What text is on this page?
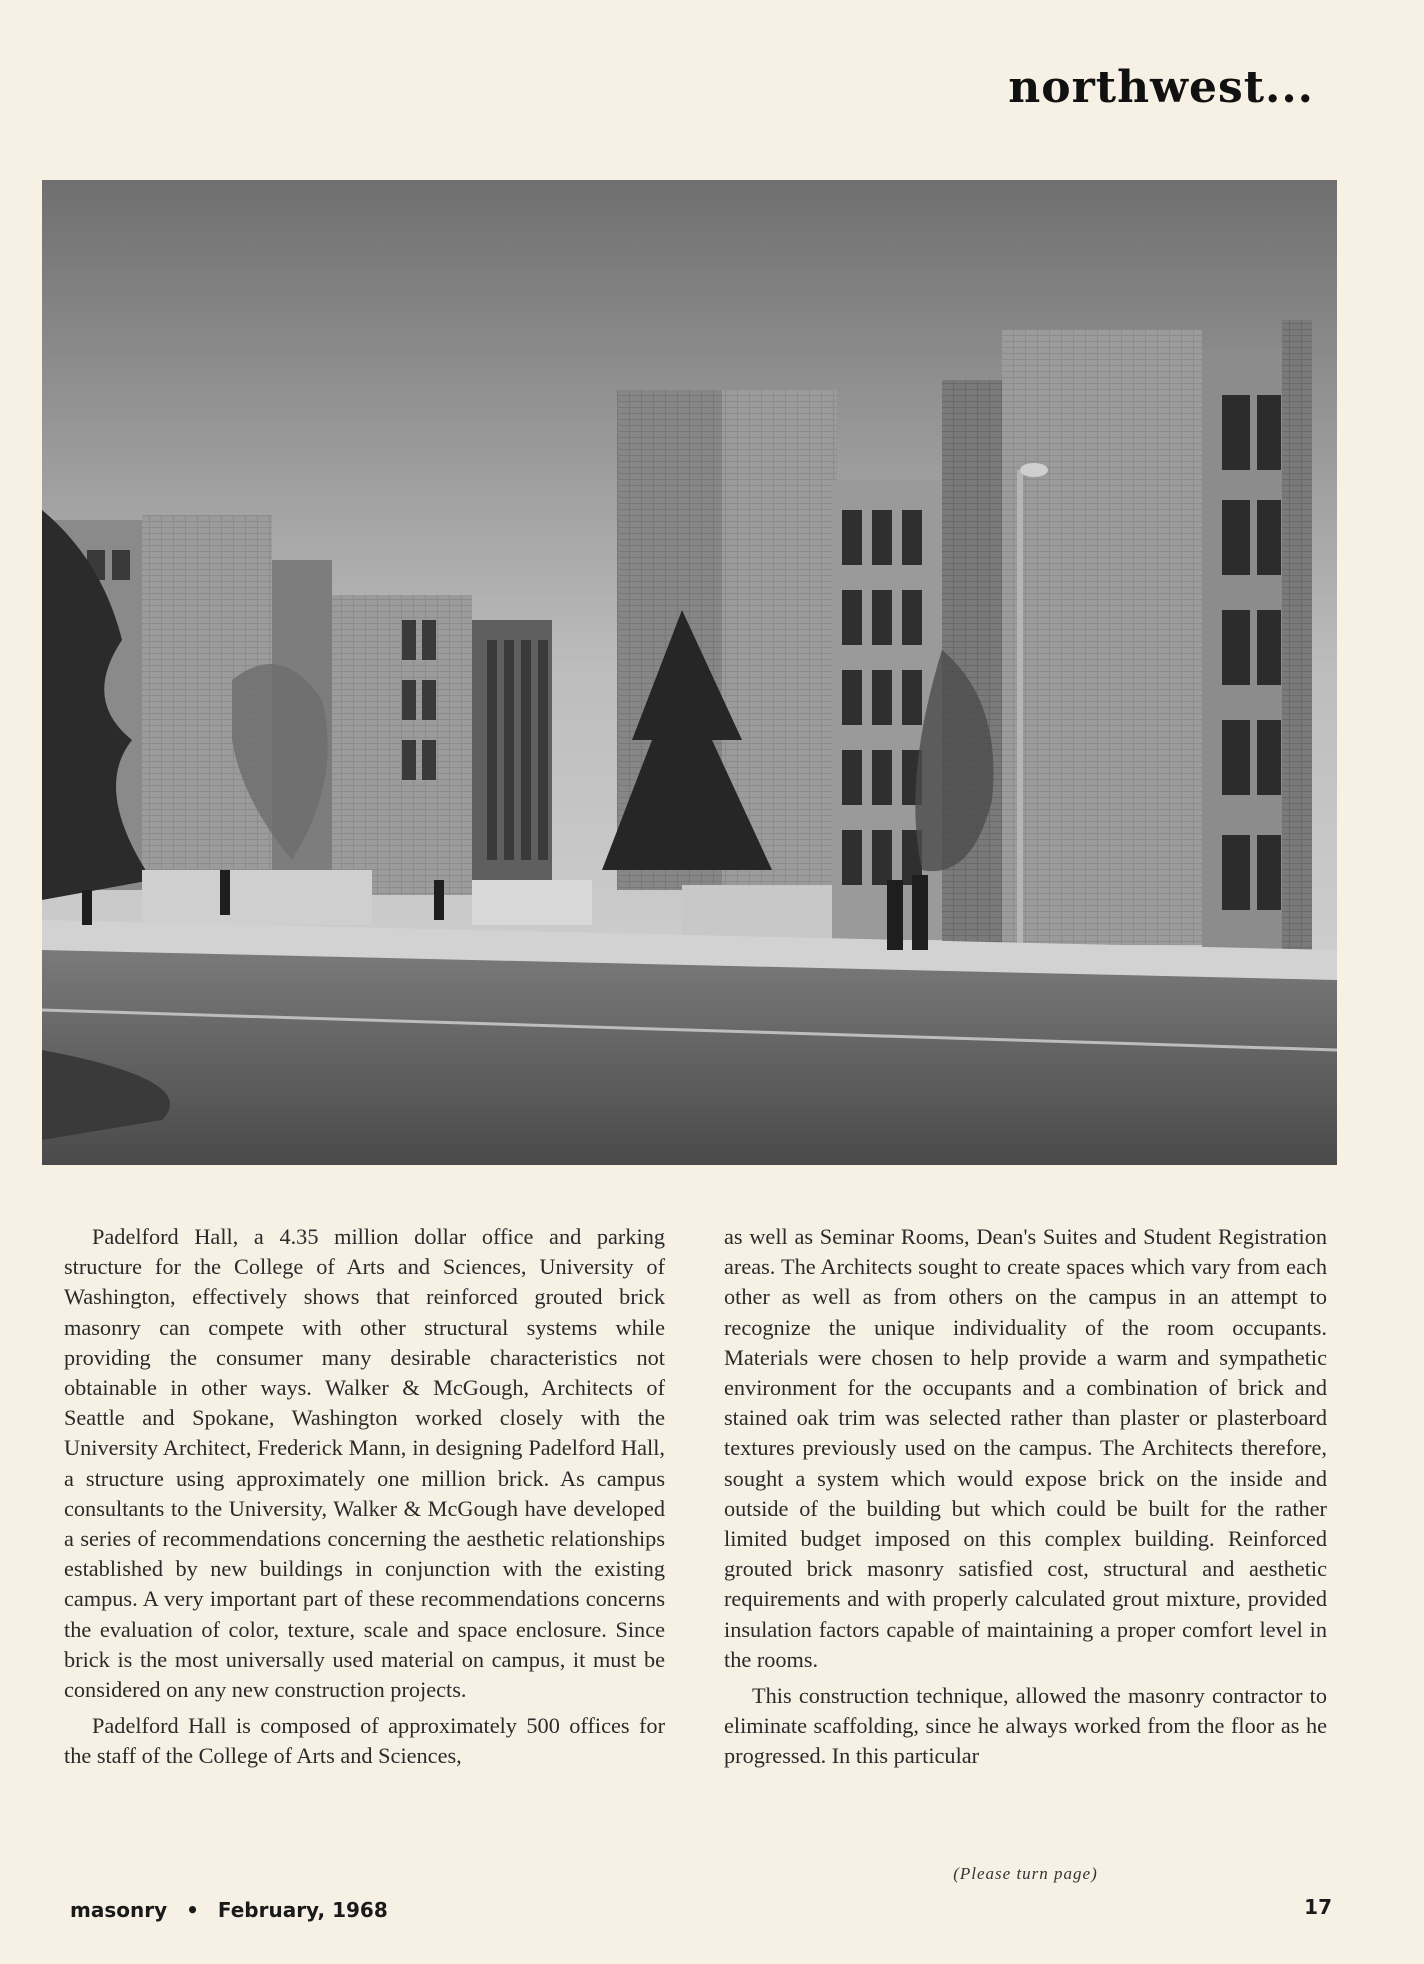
northwest...

Padelford Hall, a 4.35 million dollar office and parking structure for the College of Arts and Sciences, University of Washington, effectively shows that reinforced grouted brick masonry can compete with other structural systems while providing the consumer many desirable characteristics not obtainable in other ways. Walker & McGough, Architects of Seattle and Spokane, Washington worked closely with the University Architect, Frederick Mann, in designing Padelford Hall, a structure using approximately one million brick. As campus consultants to the University, Walker & McGough have developed a series of recommendations concerning the aesthetic relationships established by new buildings in conjunction with the existing campus. A very important part of these recommendations concerns the evaluation of color, texture, scale and space enclosure. Since brick is the most universally used material on campus, it must be considered on any new construction projects.

Padelford Hall is composed of approximately 500 offices for the staff of the College of Arts and Sciences,

as well as Seminar Rooms, Dean's Suites and Student Registration areas. The Architects sought to create spaces which vary from each other as well as from others on the campus in an attempt to recognize the unique individuality of the room occupants. Materials were chosen to help provide a warm and sympathetic environment for the occupants and a combination of brick and stained oak trim was selected rather than plaster or plasterboard textures previously used on the campus. The Architects therefore, sought a system which would expose brick on the inside and outside of the building but which could be built for the rather limited budget imposed on this complex building. Reinforced grouted brick masonry satisfied cost, structural and aesthetic requirements and with properly calculated grout mixture, provided insulation factors capable of maintaining a proper comfort level in the rooms.

This construction technique, allowed the masonry contractor to eliminate scaffolding, since he always worked from the floor as he progressed. In this particular

(Please turn page)
masonry • February, 1968	17
